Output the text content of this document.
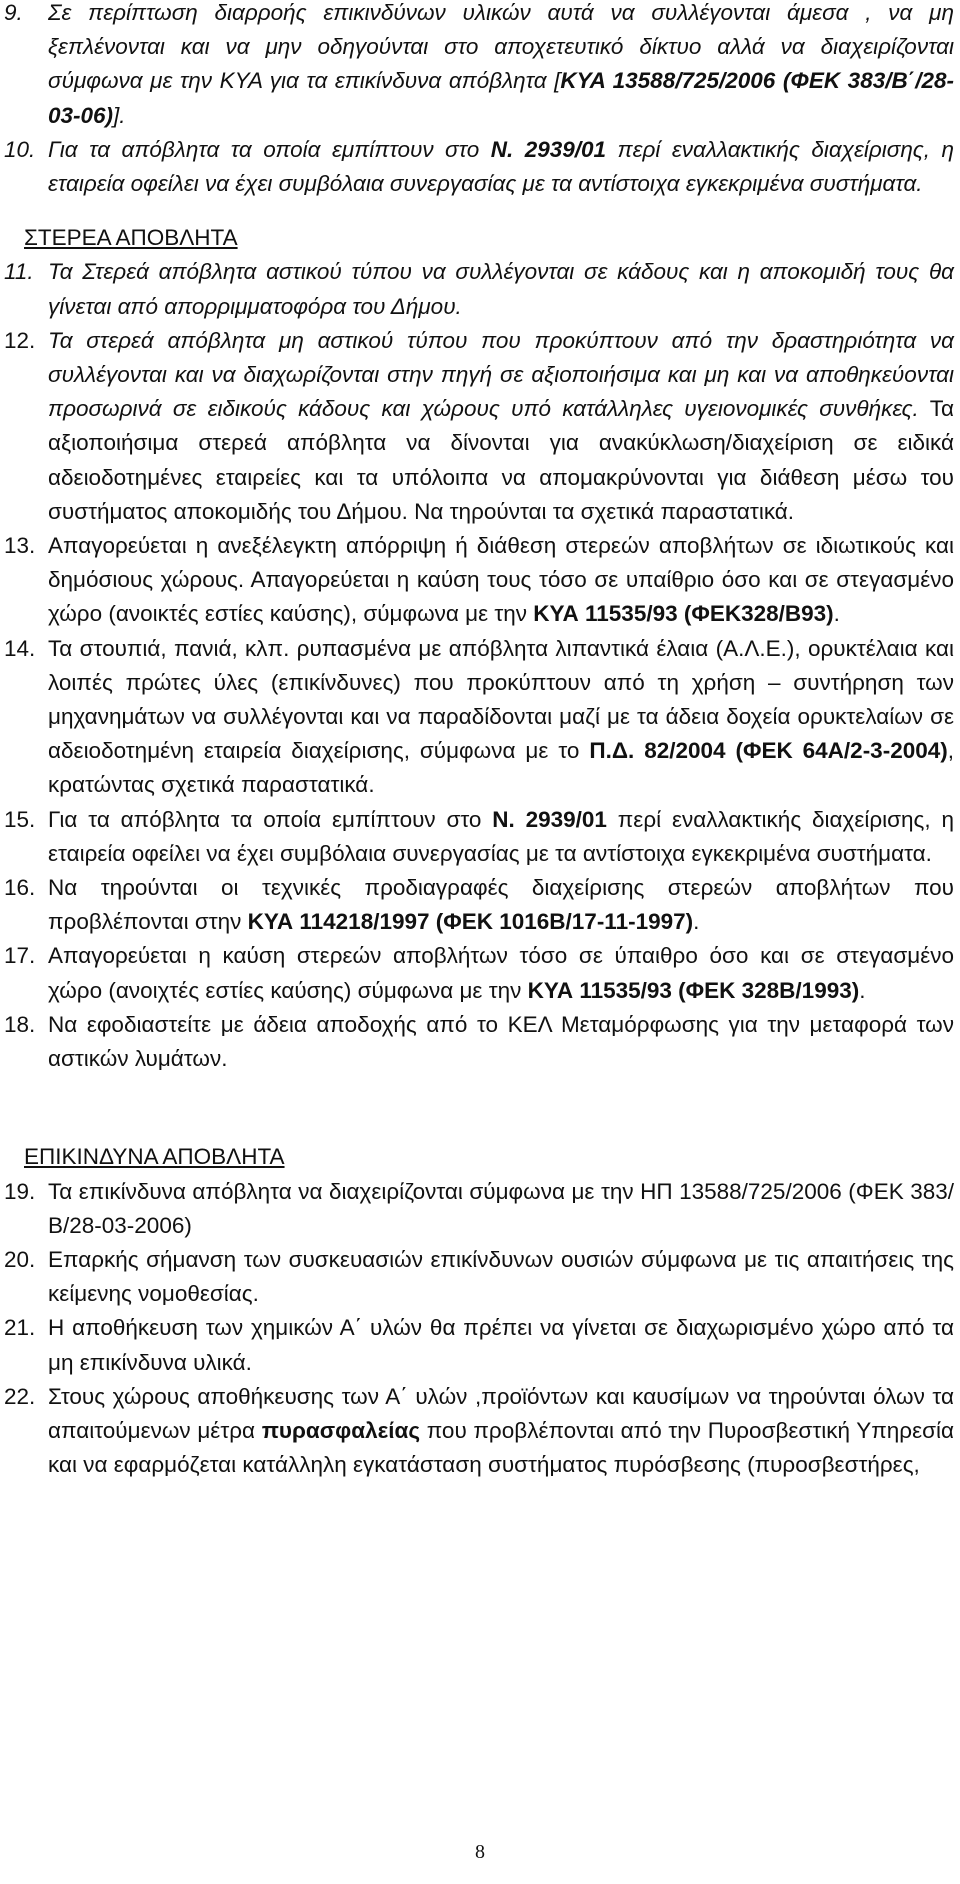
9.	Σε περίπτωση διαρροής επικινδύνων υλικών αυτά να συλλέγονται άμεσα , να μη ξεπλένονται και να μην οδηγούνται στο αποχετευτικό δίκτυο αλλά να διαχειρίζονται σύμφωνα με την ΚΥΑ για τα επικίνδυνα απόβλητα [ΚΥΑ 13588/725/2006 (ΦΕΚ 383/Β΄/28-03-06)].
10. Για τα απόβλητα τα οποία εμπίπτουν στο Ν. 2939/01 περί εναλλακτικής διαχείρισης, η εταιρεία οφείλει να έχει συμβόλαια συνεργασίας με τα αντίστοιχα εγκεκριμένα συστήματα.
ΣΤΕΡΕΑ ΑΠΟΒΛΗΤΑ
11. Τα Στερεά απόβλητα αστικού τύπου να συλλέγονται σε κάδους και η αποκομιδή τους θα γίνεται από απορριμματοφόρα του Δήμου.
12. Τα στερεά απόβλητα μη αστικού τύπου που προκύπτουν από την δραστηριότητα να συλλέγονται και να διαχωρίζονται στην πηγή σε αξιοποιήσιμα και μη και να αποθηκεύονται προσωρινά σε ειδικούς κάδους και χώρους υπό κατάλληλες υγειονομικές συνθήκες. Τα αξιοποιήσιμα στερεά απόβλητα να δίνονται για ανακύκλωση/διαχείριση σε ειδικά αδειοδοτημένες εταιρείες και τα υπόλοιπα να απομακρύνονται για διάθεση μέσω του συστήματος αποκομιδής του Δήμου. Να τηρούνται τα σχετικά παραστατικά.
13. Απαγορεύεται η ανεξέλεγκτη απόρριψη ή διάθεση στερεών αποβλήτων σε ιδιωτικούς και δημόσιους χώρους. Απαγορεύεται η καύση τους τόσο σε υπαίθριο όσο και σε στεγασμένο χώρο (ανοικτές εστίες καύσης), σύμφωνα με την ΚΥΑ 11535/93 (ΦΕΚ328/Β93).
14. Τα στουπιά, πανιά, κλπ. ρυπασμένα με απόβλητα λιπαντικά έλαια (Α.Λ.Ε.), ορυκτέλαια και λοιπές πρώτες ύλες (επικίνδυνες) που προκύπτουν από τη χρήση – συντήρηση των μηχανημάτων να συλλέγονται και να παραδίδονται μαζί με τα άδεια δοχεία ορυκτελαίων σε αδειοδοτημένη εταιρεία διαχείρισης, σύμφωνα με το Π.Δ. 82/2004 (ΦΕΚ 64Α/2-3-2004), κρατώντας σχετικά παραστατικά.
15. Για τα απόβλητα τα οποία εμπίπτουν στο Ν. 2939/01 περί εναλλακτικής διαχείρισης, η εταιρεία οφείλει να έχει συμβόλαια συνεργασίας με τα αντίστοιχα εγκεκριμένα συστήματα.
16. Να τηρούνται οι τεχνικές προδιαγραφές διαχείρισης στερεών αποβλήτων που προβλέπονται στην ΚΥΑ 114218/1997 (ΦΕΚ 1016Β/17-11-1997).
17. Απαγορεύεται η καύση στερεών αποβλήτων τόσο σε ύπαιθρο όσο και σε στεγασμένο χώρο (ανοιχτές εστίες καύσης) σύμφωνα με την ΚΥΑ 11535/93 (ΦΕΚ 328Β/1993).
18. Να εφοδιαστείτε με άδεια αποδοχής από το ΚΕΛ Μεταμόρφωσης για την μεταφορά των αστικών λυμάτων.
ΕΠΙΚΙΝΔΥΝΑ ΑΠΟΒΛΗΤΑ
19. Τα επικίνδυνα απόβλητα να διαχειρίζονται σύμφωνα με την ΗΠ 13588/725/2006 (ΦΕΚ 383/Β/28-03-2006)
20. Επαρκής σήμανση των συσκευασιών επικίνδυνων ουσιών σύμφωνα με τις απαιτήσεις της κείμενης νομοθεσίας.
21. Η αποθήκευση των χημικών Α΄ υλών θα πρέπει να γίνεται σε διαχωρισμένο χώρο από τα μη επικίνδυνα υλικά.
22. Στους χώρους αποθήκευσης των Α΄ υλών ,προϊόντων και καυσίμων να τηρούνται όλων τα απαιτούμενων μέτρα πυρασφαλείας που προβλέπονται από την Πυροσβεστική Υπηρεσία και να εφαρμόζεται κατάλληλη εγκατάσταση συστήματος πυρόσβεσης (πυροσβεστήρες,
8
